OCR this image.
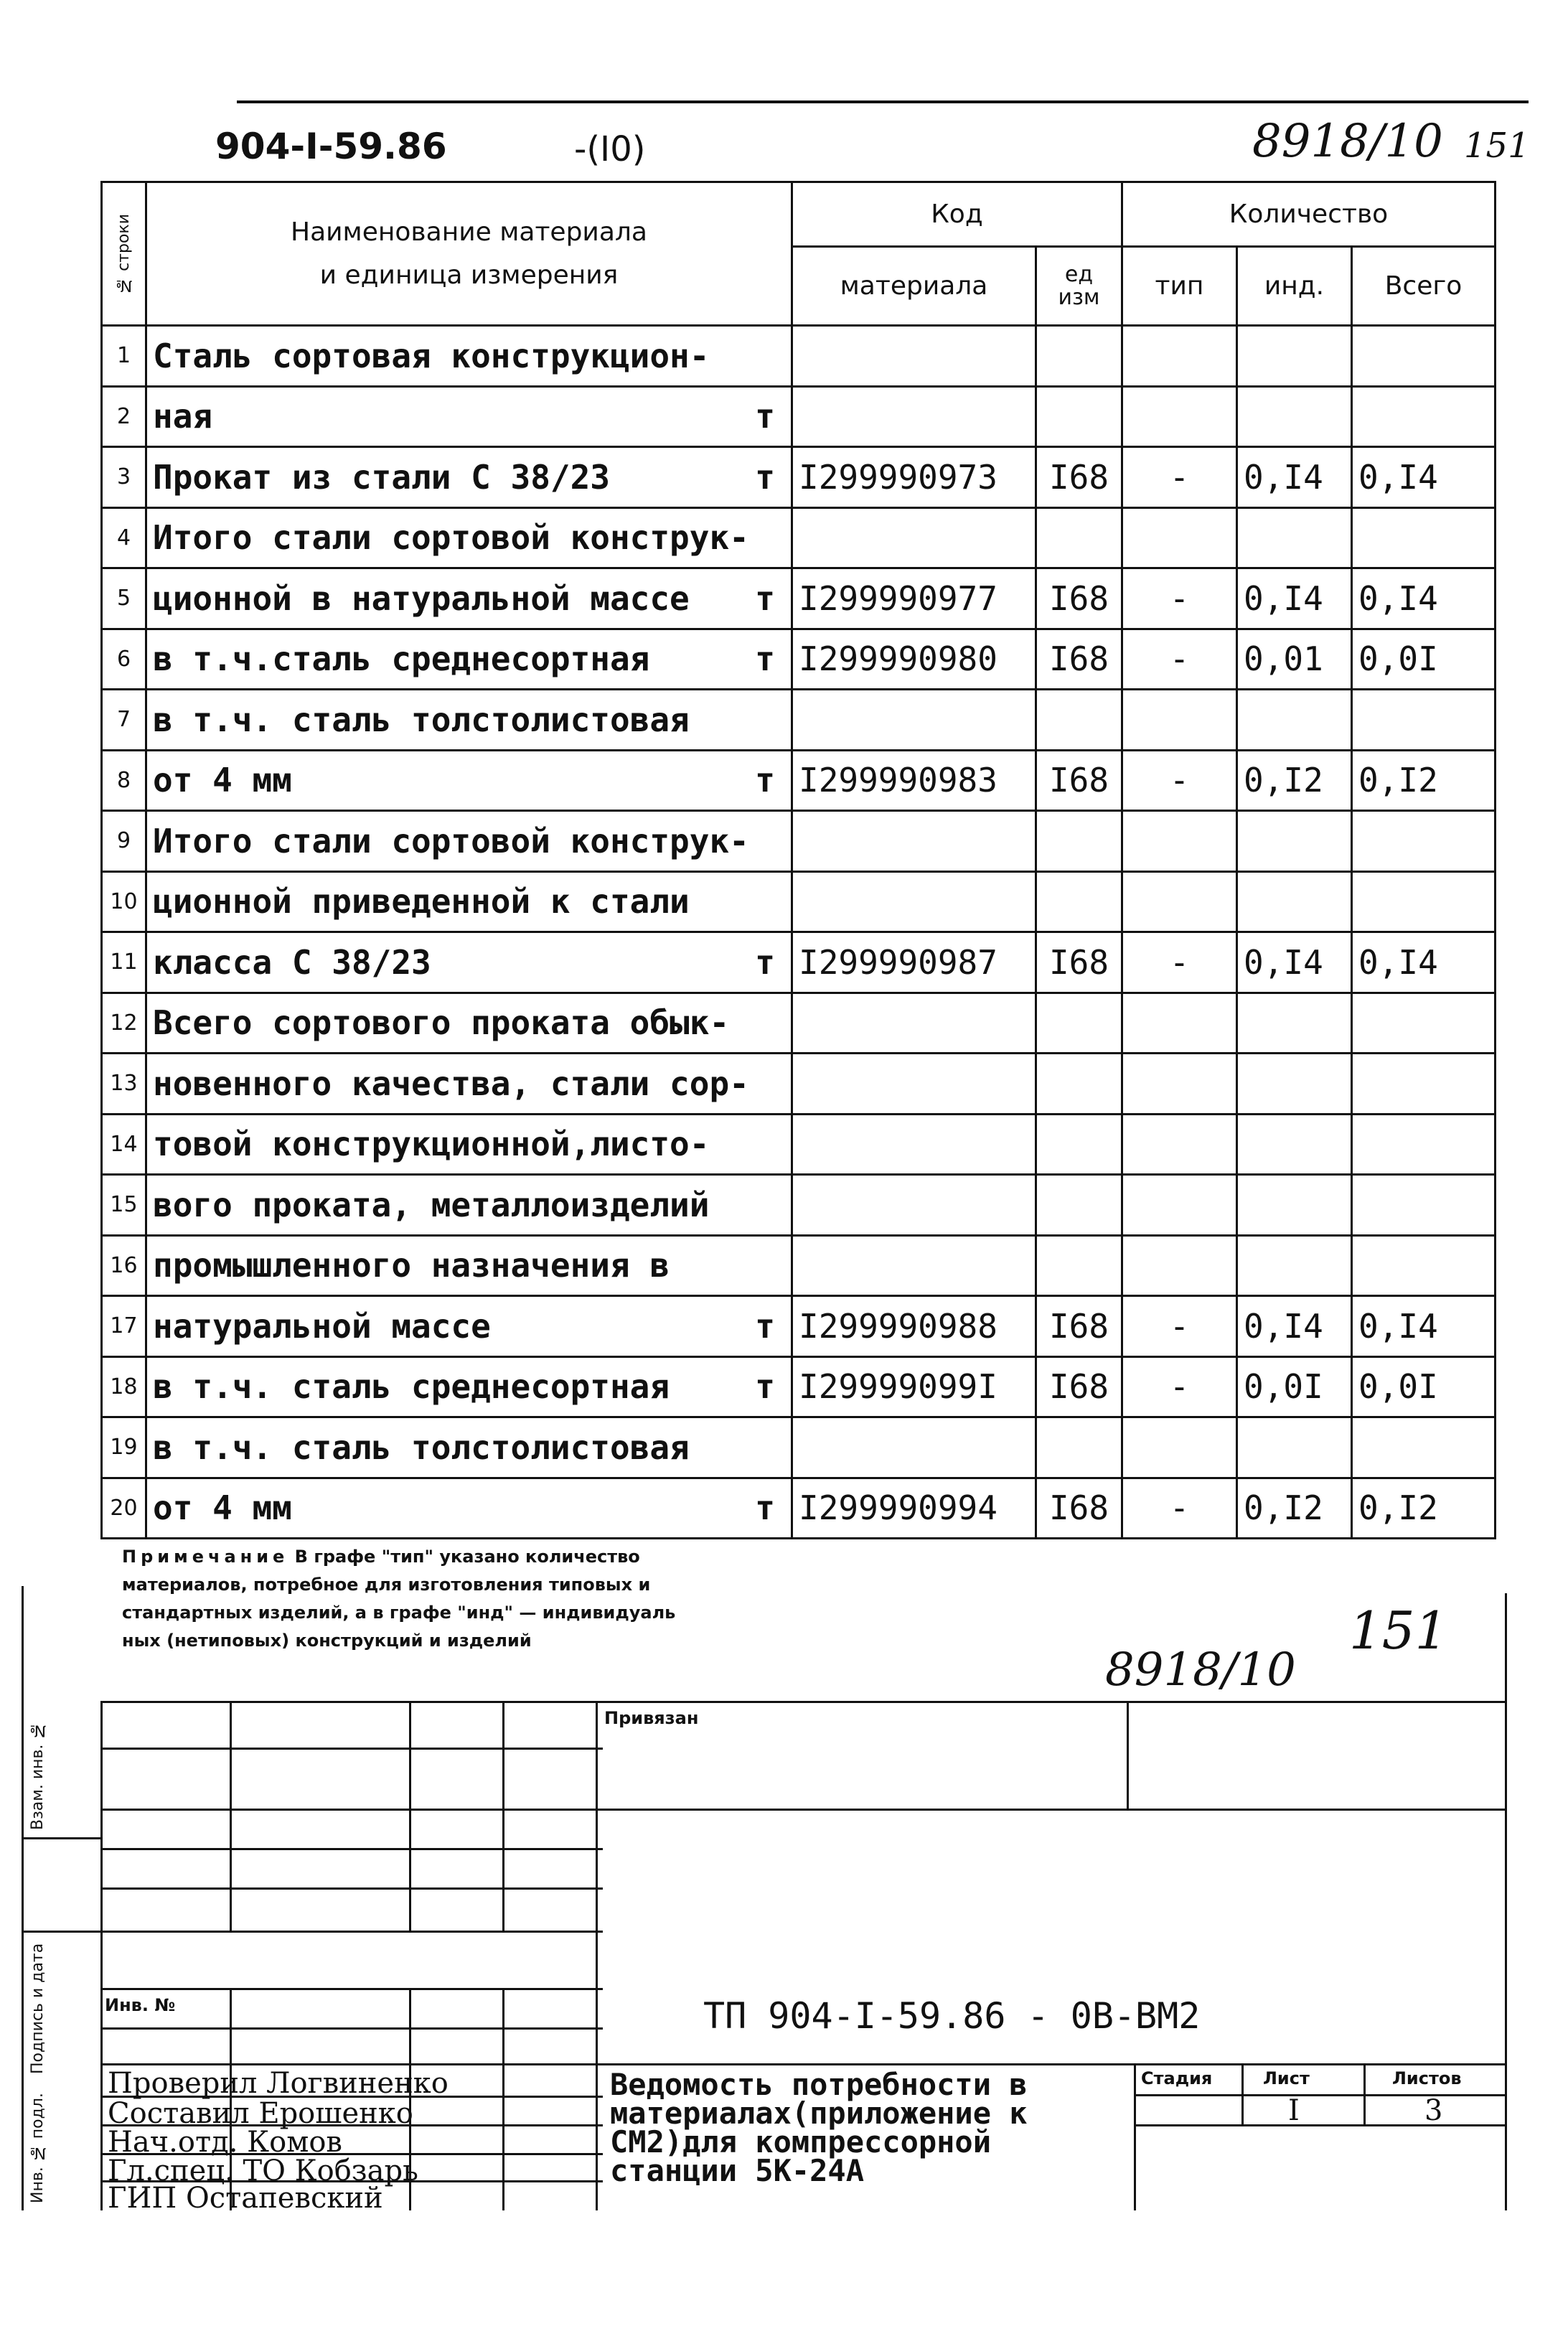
904-I-59.86	-(I0)	8918/10 151
№ строки	Наименование материала
и единица измерения	Код		Количество		
		материала	ед изм	тип	инд.	Всего
1	Сталь сортовая конструкцион-

2	ная т					

3	Прокат из стали С 38/23 т	I299990973	I68	-	0,I4	0,I4
4	Итого стали сортовой конструк-

5	ционной в натуральной массе т	I299990977	I68	-	0,I4	0,I4
6	в т.ч.сталь среднесортная т	I299990980	I68	-	0,01	0,0I
7	в т.ч. сталь толстолистовая

8	от 4 мм т	I299990983	I68	-	0,I2	0,I2
9	Итого стали сортовой конструк-

10	ционной приведенной к стали

11	класса С 38/23 т	I299990987	I68	-	0,I4	0,I4
12	Всего сортового проката обык-

13	новенного качества, стали сор-

14	товой конструкционной,листо-

15	вого проката, металлоизделий

16	промышленного назначения в

17	натуральной массе т	I299990988	I68	-	0,I4	0,I4
18	в т.ч. сталь среднесортная т	I29999099I	I68	-	0,0I	0,0I
19	в т.ч. сталь толстолистовая

20	от 4 мм т	I299990994	I68	-	0,I2	0,I2
Примечание В графе "тип" указано количество
материалов, потребное для изготовления типовых и
стандартных изделий, а в графе "инд" — индивидуаль
ных (нетиповых) конструкций и изделий	151
8918/10
Привязан
Инв. №	ТП 904-I-59.86 - 0В-ВМ2
Стадия	Лист	Листов
I	3
Проверил Логвиненко
Составил Ерошенко
Нач.отд. Комов
Гл.спец. ТО Кобзарь
ГИП Остапевский
Ведомость потребности в
материалах(приложение к
СМ2)для компрессорной
станции 5К-24А
Инв. № подл.
Подпись и дата
Взам. инв. №
